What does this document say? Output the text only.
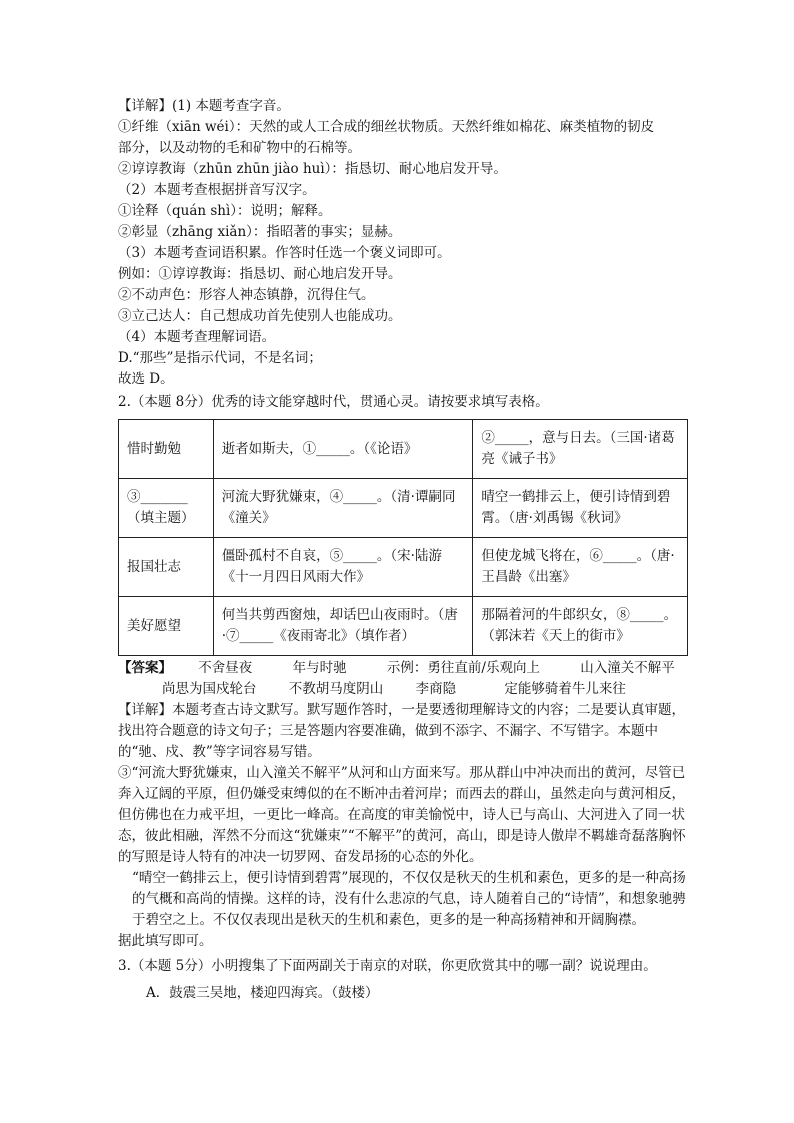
【详解】(1) 本题考查字音。
①纤维（xiān wéi）：天然的或人工合成的细丝状物质。天然纤维如棉花、麻类植物的韧皮
部分，以及动物的毛和矿物中的石棉等。
②谆谆教诲（zhūn zhūn jiào huì）：指恳切、耐心地启发开导。
（2）本题考查根据拼音写汉字。
①诠释（quán shì）：说明；解释。
②彰显（zhāng xiǎn）：指昭著的事实；显赫。
（3）本题考查词语积累。作答时任选一个褒义词即可。
例如：①谆谆教诲：指恳切、耐心地启发开导。
②不动声色：形容人神态镇静，沉得住气。
③立己达人：自己想成功首先使别人也能成功。
（4）本题考查理解词语。
D.“那些”是指示代词，不是名词；
故选 D。
2.（本题 8分）优秀的诗文能穿越时代，贯通心灵。请按要求填写表格。
惜时勤勉	逝者如斯夫，①_____。（《论语》	②_____，意与日去。（三国·诸葛亮《诫子书》
③_______（填主题）	河流大野犹嫌束，④_____。（清·谭嗣同《潼关》	晴空一鹤排云上，便引诗情到碧霄。（唐·刘禹锡《秋词》
报国壮志	僵卧孤村不自哀，⑤_____。（宋·陆游《十一月四日风雨大作》	但使龙城飞将在，⑥_____。（唐·王昌龄《出塞》
美好愿望	何当共剪西窗烛，却话巴山夜雨时。（唐·⑦_____《夜雨寄北》（填作者）	那隔着河的牛郎织女，⑧_____。（郭沫若《天上的街市》
【答案】 不舍昼夜	年与时驰	示例：勇往直前/乐观向上	山入潼关不解平
尚思为国戍轮台 不教胡马度阴山 李商隐	定能够骑着牛儿来往
【详解】本题考查古诗文默写。默写题作答时，一是要透彻理解诗文的内容；二是要认真审题，找出符合题意的诗文句子；三是答题内容要准确，做到不添字、不漏字、不写错字。本题中的“驰、戍、教”等字词容易写错。
③“河流大野犹嫌束，山入潼关不解平”从河和山方面来写。那从群山中冲决而出的黄河，尽管已奔入辽阔的平原，但仍嫌受束缚似的在不断冲击着河岸；而西去的群山，虽然走向与黄河相反，但仿佛也在力戒平坦，一更比一峰高。在高度的审美愉悦中，诗人已与高山、大河进入了同一状态，彼此相融，浑然不分而这“犹嫌束”“不解平”的黄河，高山，即是诗人傲岸不羁雄奇磊落胸怀的写照是诗人特有的冲决一切罗网、奋发昂扬的心态的外化。
“晴空一鹤排云上，便引诗情到碧霄”展现的，不仅仅是秋天的生机和素色，更多的是一种高扬的气概和高尚的情操。这样的诗，没有什么悲凉的气息，诗人随着自己的“诗情”，和想象驰骋于碧空之上。不仅仅表现出是秋天的生机和素色，更多的是一种高扬精神和开阔胸襟。
据此填写即可。
3.（本题 5分）小明搜集了下面两副关于南京的对联，你更欣赏其中的哪一副？说说理由。
A．鼓震三吴地，楼迎四海宾。（鼓楼）
